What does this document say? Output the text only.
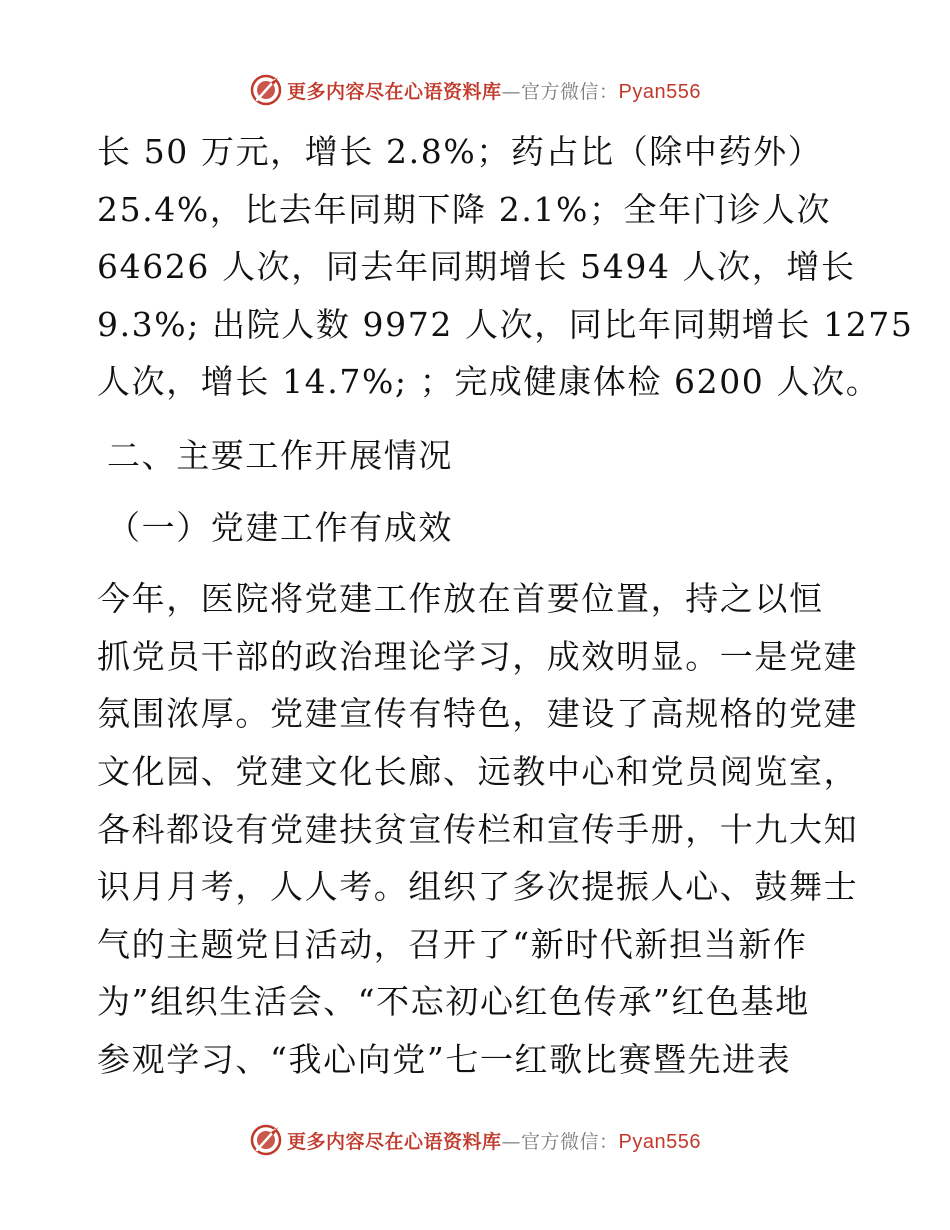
更多内容尽在心语资料库—官方微信：Pyan556
长 50 万元，增长 2.8%；药占比（除中药外）
25.4%，比去年同期下降 2.1%；全年门诊人次
64626 人次，同去年同期增长 5494 人次，增长
9.3%; 出院人数 9972 人次，同比年同期增长 1275
人次，增长 14.7%; ；完成健康体检 6200 人次。
二、主要工作开展情况
（一）党建工作有成效
今年，医院将党建工作放在首要位置，持之以恒
抓党员干部的政治理论学习，成效明显。一是党建
氛围浓厚。党建宣传有特色，建设了高规格的党建
文化园、党建文化长廊、远教中心和党员阅览室，
各科都设有党建扶贫宣传栏和宣传手册，十九大知
识月月考，人人考。组织了多次提振人心、鼓舞士
气的主题党日活动，召开了“新时代新担当新作
为”组织生活会、“不忘初心红色传承”红色基地
参观学习、“我心向党”七一红歌比赛暨先进表
更多内容尽在心语资料库—官方微信：Pyan556
